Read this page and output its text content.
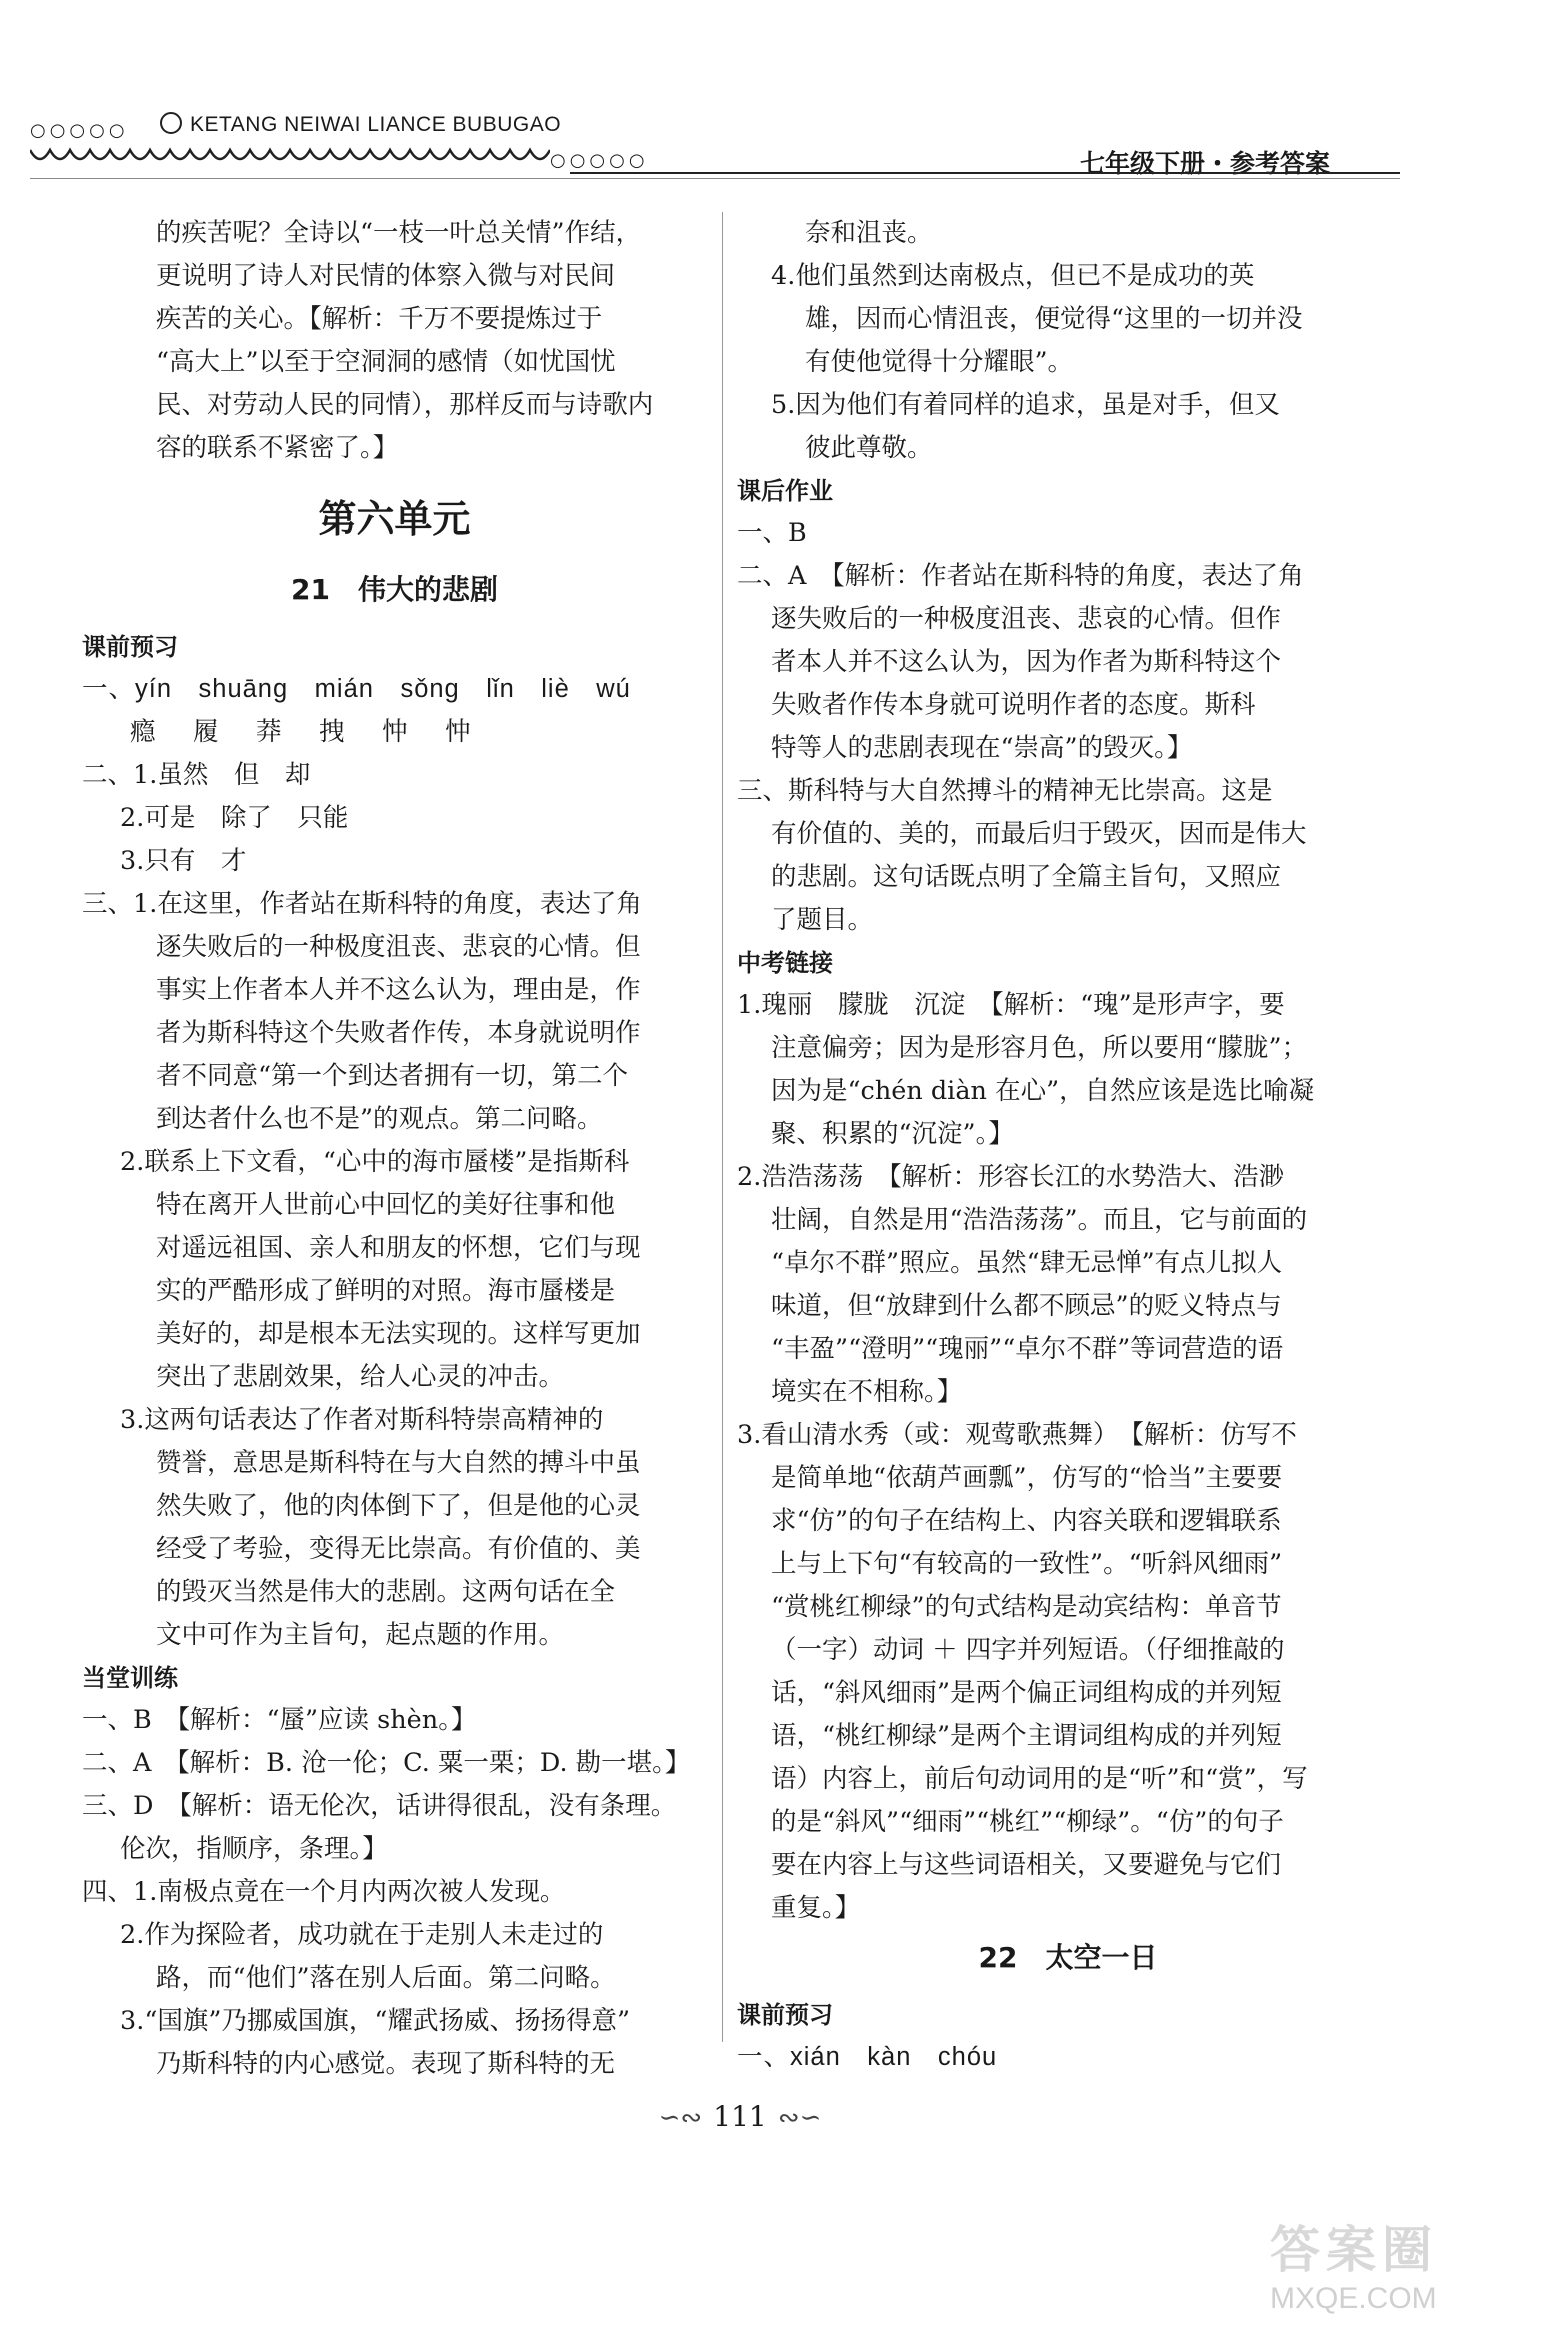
○○○○○	KETANG NEIWAI LIANCE BUBUGAO
○○○○○	七年级下册・参考答案

的疾苦呢？全诗以“一枝一叶总关情”作结，

更说明了诗人对民情的体察入微与对民间

疾苦的关心。【解析：千万不要提炼过于

“高大上”以至于空洞洞的感情（如忧国忧

民、对劳动人民的同情），那样反而与诗歌内

容的联系不紧密了。】

第六单元
21　伟大的悲剧
课前预习

一、yín　shuāng　mián　sǒng　lǐn　liè　wú

瘾　履　莽　拽　忡　忡

二、1.虽然　但　却

2.可是　除了　只能

3.只有　才

三、1.在这里，作者站在斯科特的角度，表达了角

逐失败后的一种极度沮丧、悲哀的心情。但

事实上作者本人并不这么认为，理由是，作

者为斯科特这个失败者作传，本身就说明作

者不同意“第一个到达者拥有一切，第二个

到达者什么也不是”的观点。第二问略。

2.联系上下文看，“心中的海市蜃楼”是指斯科

特在离开人世前心中回忆的美好往事和他

对遥远祖国、亲人和朋友的怀想，它们与现

实的严酷形成了鲜明的对照。海市蜃楼是

美好的，却是根本无法实现的。这样写更加

突出了悲剧效果，给人心灵的冲击。

3.这两句话表达了作者对斯科特崇高精神的

赞誉，意思是斯科特在与大自然的搏斗中虽

然失败了，他的肉体倒下了，但是他的心灵

经受了考验，变得无比崇高。有价值的、美

的毁灭当然是伟大的悲剧。这两句话在全

文中可作为主旨句，起点题的作用。

当堂训练

一、B　【解析：“蜃”应读 shèn。】

二、A　【解析：B. 沧一伦；C. 粟一栗；D. 勘一堪。】

三、D　【解析：语无伦次，话讲得很乱，没有条理。

伦次，指顺序，条理。】

四、1.南极点竟在一个月内两次被人发现。

2.作为探险者，成功就在于走别人未走过的

路，而“他们”落在别人后面。第二问略。

3.“国旗”乃挪威国旗，“耀武扬威、扬扬得意”

乃斯科特的内心感觉。表现了斯科特的无

奈和沮丧。

4.他们虽然到达南极点，但已不是成功的英

雄，因而心情沮丧，便觉得“这里的一切并没

有使他觉得十分耀眼”。

5.因为他们有着同样的追求，虽是对手，但又

彼此尊敬。

课后作业

一、B

二、A　【解析：作者站在斯科特的角度，表达了角

逐失败后的一种极度沮丧、悲哀的心情。但作

者本人并不这么认为，因为作者为斯科特这个

失败者作传本身就可说明作者的态度。斯科

特等人的悲剧表现在“崇高”的毁灭。】

三、斯科特与大自然搏斗的精神无比崇高。这是

有价值的、美的，而最后归于毁灭，因而是伟大

的悲剧。这句话既点明了全篇主旨句，又照应

了题目。

中考链接

1.瑰丽　朦胧　沉淀　【解析：“瑰”是形声字，要

注意偏旁；因为是形容月色，所以要用“朦胧”；

因为是“chén diàn 在心”，自然应该是选比喻凝

聚、积累的“沉淀”。】

2.浩浩荡荡　【解析：形容长江的水势浩大、浩渺

壮阔，自然是用“浩浩荡荡”。而且，它与前面的

“卓尔不群”照应。虽然“肆无忌惮”有点儿拟人

味道，但“放肆到什么都不顾忌”的贬义特点与

“丰盈”“澄明”“瑰丽”“卓尔不群”等词营造的语

境实在不相称。】

3.看山清水秀（或：观莺歌燕舞）　【解析：仿写不

是简单地“依葫芦画瓢”，仿写的“恰当”主要要

求“仿”的句子在结构上、内容关联和逻辑联系

上与上下句“有较高的一致性”。“听斜风细雨”

“赏桃红柳绿”的句式结构是动宾结构：单音节

（一字）动词 ＋ 四字并列短语。（仔细推敲的

话，“斜风细雨”是两个偏正词组构成的并列短

语，“桃红柳绿”是两个主谓词组构成的并列短

语）内容上，前后句动词用的是“听”和“赏”，写

的是“斜风”“细雨”“桃红”“柳绿”。“仿”的句子

要在内容上与这些词语相关，又要避免与它们

重复。】

22　太空一日
课前预习

一、xián　kàn　chóu

∽∾ 111 ∾∽
答案圈
MXQE.COM
